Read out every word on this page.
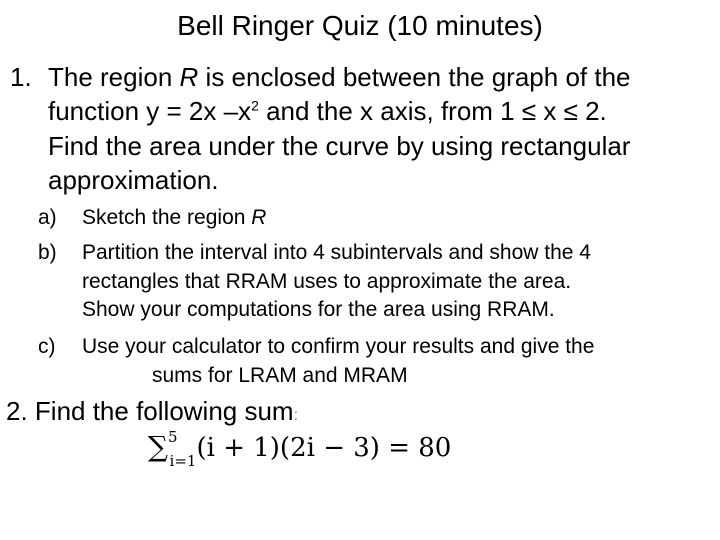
Bell Ringer Quiz (10 minutes)
1. The region R is enclosed between the graph of the
function y = 2x $-x^2$ and the x axis, from 1 ≤ x ≤ 2.
Find the area under the curve by using rectangular
approximation.
a) Sketch the region R
b) Partition the interval into 4 subintervals and show the 4
rectangles that RRAM uses to approximate the area.
Show your computations for the area using RRAM.
c) Use your calculator to confirm your results and give the
sums for LRAM and MRAM
2. Find the following sum:
∑$^5_{i=1}$(i + 1)(2i − 3) = 80
